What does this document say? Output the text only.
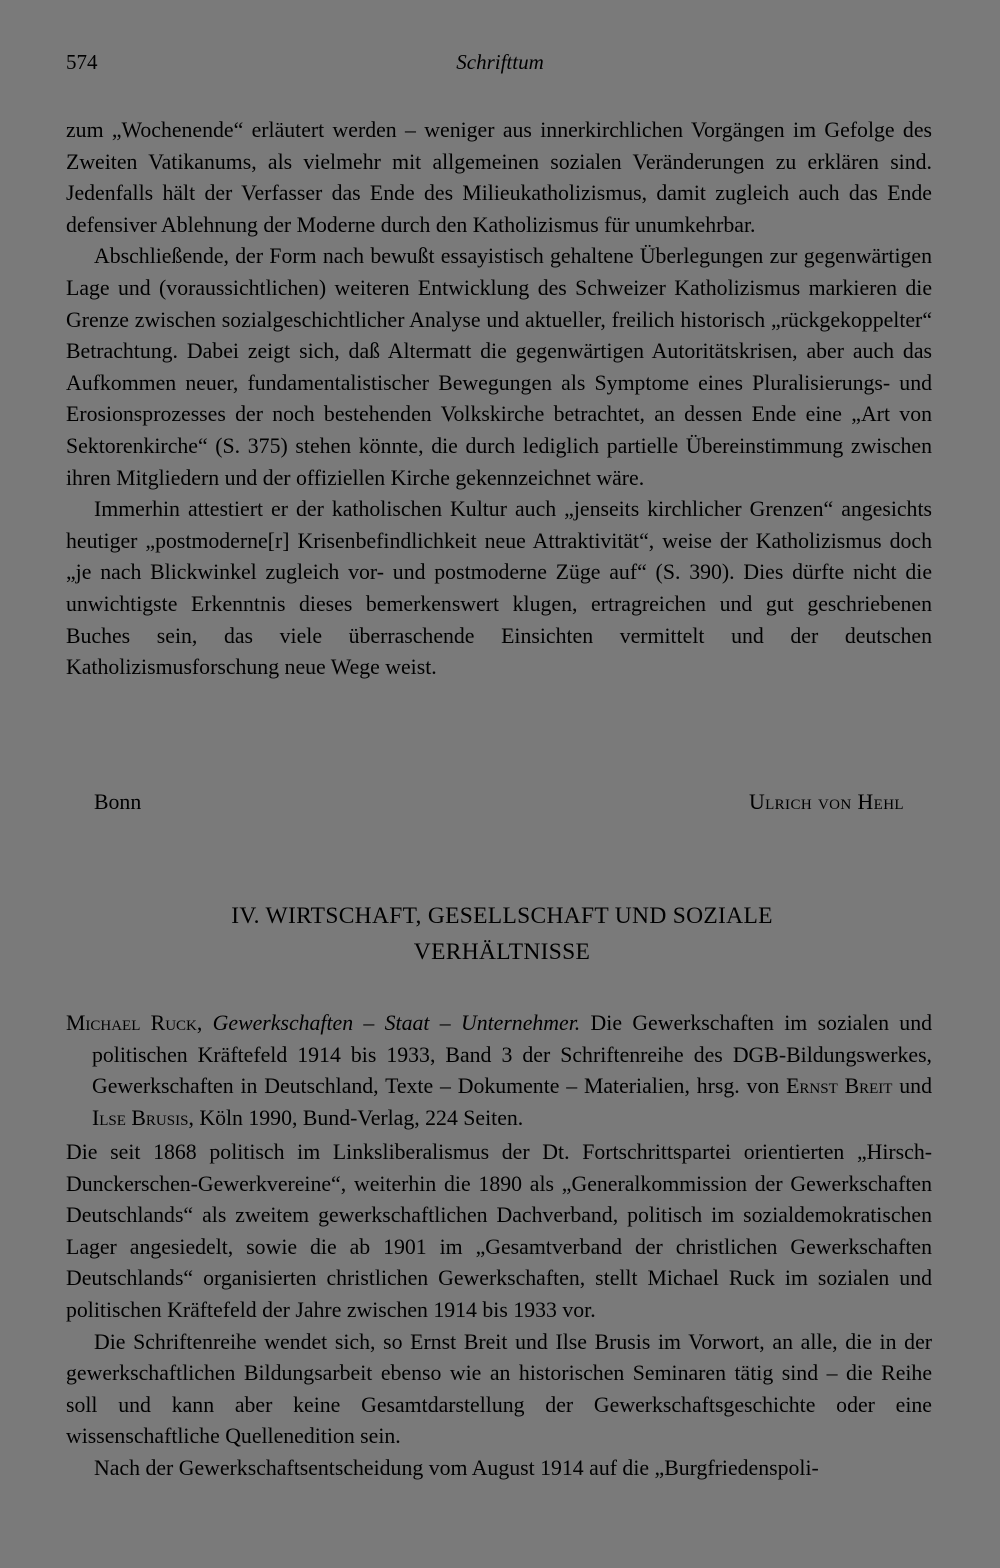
574	Schrifttum

zum „Wochenende“ erläutert werden – weniger aus innerkirchlichen Vorgängen im Gefolge des Zweiten Vatikanums, als vielmehr mit allgemeinen sozialen Veränderungen zu erklären sind. Jedenfalls hält der Verfasser das Ende des Milieukatholizismus, damit zugleich auch das Ende defensiver Ablehnung der Moderne durch den Katholizismus für unumkehrbar.

Abschließende, der Form nach bewußt essayistisch gehaltene Überlegungen zur gegenwärtigen Lage und (voraussichtlichen) weiteren Entwicklung des Schweizer Katholizismus markieren die Grenze zwischen sozialgeschichtlicher Analyse und aktueller, freilich historisch „rückgekoppelter“ Betrachtung. Dabei zeigt sich, daß Altermatt die gegenwärtigen Autoritätskrisen, aber auch das Aufkommen neuer, fundamentalistischer Bewegungen als Symptome eines Pluralisierungs- und Erosionsprozesses der noch bestehenden Volkskirche betrachtet, an dessen Ende eine „Art von Sektorenkirche“ (S. 375) stehen könnte, die durch lediglich partielle Übereinstimmung zwischen ihren Mitgliedern und der offiziellen Kirche gekennzeichnet wäre.

Immerhin attestiert er der katholischen Kultur auch „jenseits kirchlicher Grenzen“ angesichts heutiger „postmoderne[r] Krisenbefindlichkeit neue Attraktivität“, weise der Katholizismus doch „je nach Blickwinkel zugleich vor- und postmoderne Züge auf“ (S. 390). Dies dürfte nicht die unwichtigste Erkenntnis dieses bemerkenswert klugen, ertragreichen und gut geschriebenen Buches sein, das viele überraschende Einsichten vermittelt und der deutschen Katholizismusforschung neue Wege weist.

Bonn	Ulrich von Hehl
IV. WIRTSCHAFT, GESELLSCHAFT UND SOZIALE
VERHÄLTNISSE

Michael Ruck, Gewerkschaften – Staat – Unternehmer. Die Gewerkschaften im sozialen und politischen Kräftefeld 1914 bis 1933, Band 3 der Schriftenreihe des DGB-Bildungswerkes, Gewerkschaften in Deutschland, Texte – Dokumente – Materialien, hrsg. von Ernst Breit und Ilse Brusis, Köln 1990, Bund-Verlag, 224 Seiten.

Die seit 1868 politisch im Linksliberalismus der Dt. Fortschrittspartei orientierten „Hirsch-Dunckerschen-Gewerkvereine“, weiterhin die 1890 als „Generalkommission der Gewerkschaften Deutschlands“ als zweitem gewerkschaftlichen Dachverband, politisch im sozialdemokratischen Lager angesiedelt, sowie die ab 1901 im „Gesamtverband der christlichen Gewerkschaften Deutschlands“ organisierten christlichen Gewerkschaften, stellt Michael Ruck im sozialen und politischen Kräftefeld der Jahre zwischen 1914 bis 1933 vor.

Die Schriftenreihe wendet sich, so Ernst Breit und Ilse Brusis im Vorwort, an alle, die in der gewerkschaftlichen Bildungsarbeit ebenso wie an historischen Seminaren tätig sind – die Reihe soll und kann aber keine Gesamtdarstellung der Gewerkschaftsgeschichte oder eine wissenschaftliche Quellenedition sein.

Nach der Gewerkschaftsentscheidung vom August 1914 auf die „Burgfriedenspoli-
